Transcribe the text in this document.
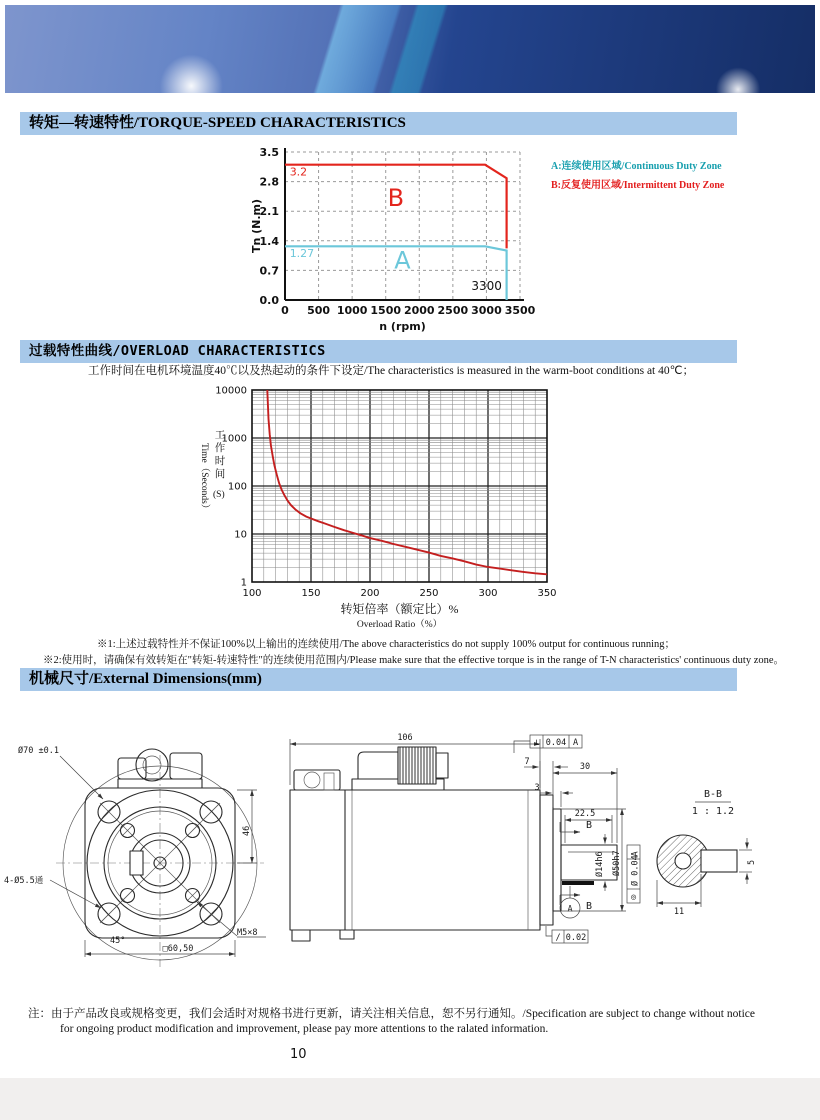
转矩—转速特性/TORQUE-SPEED CHARACTERISTICS
0 500 1000 1500 2000 2500 3000 3500
0.0
0.7
1.4
2.1
2.8
3.5
3.2
1.27
B
A
3300
Tn (N.m)
n (rpm)
A:连续使用区域/Continuous Duty Zone
B:反复使用区域/Intermittent Duty Zone
过载特性曲线/OVERLOAD CHARACTERISTICS
工作时间在电机环境温度40℃以及热起动的条件下设定/The characteristics is measured in the warm-boot conditions at 40℃；
100	150	200	250	300	350
1
10
100
1000
10000
转矩倍率（额定比）%
Overload Ratio（%）
Time（Seconds）
工
作
时
间
(S)
※1:上述过载特性并不保证100%以上输出的连续使用/The above characteristics do not supply 100% output for continuous running；
※2:使用时，请确保有效转矩在"转矩-转速特性"的连续使用范围内/Please make sure that the effective torque is in the range of T-N characteristics' continuous duty zone。
机械尺寸/External Dimensions(mm)
Ø70 ±0.1
4-Ø5.5通
45°
□60,50
M5×8
46
A
B
B
106
7	30
3
22.5
Ø14h6 Ø50h7
⊥ 0.04 A
A
Ø 0.04
◎
/ 0.02
B-B
1 : 1.2
11
5
注：由于产品改良或规格变更，我们会适时对规格书进行更新，请关注相关信息，恕不另行通知。/Specification are subject to change without notice
for ongoing product modification and improvement, please pay more attentions to the ralated information.
10
